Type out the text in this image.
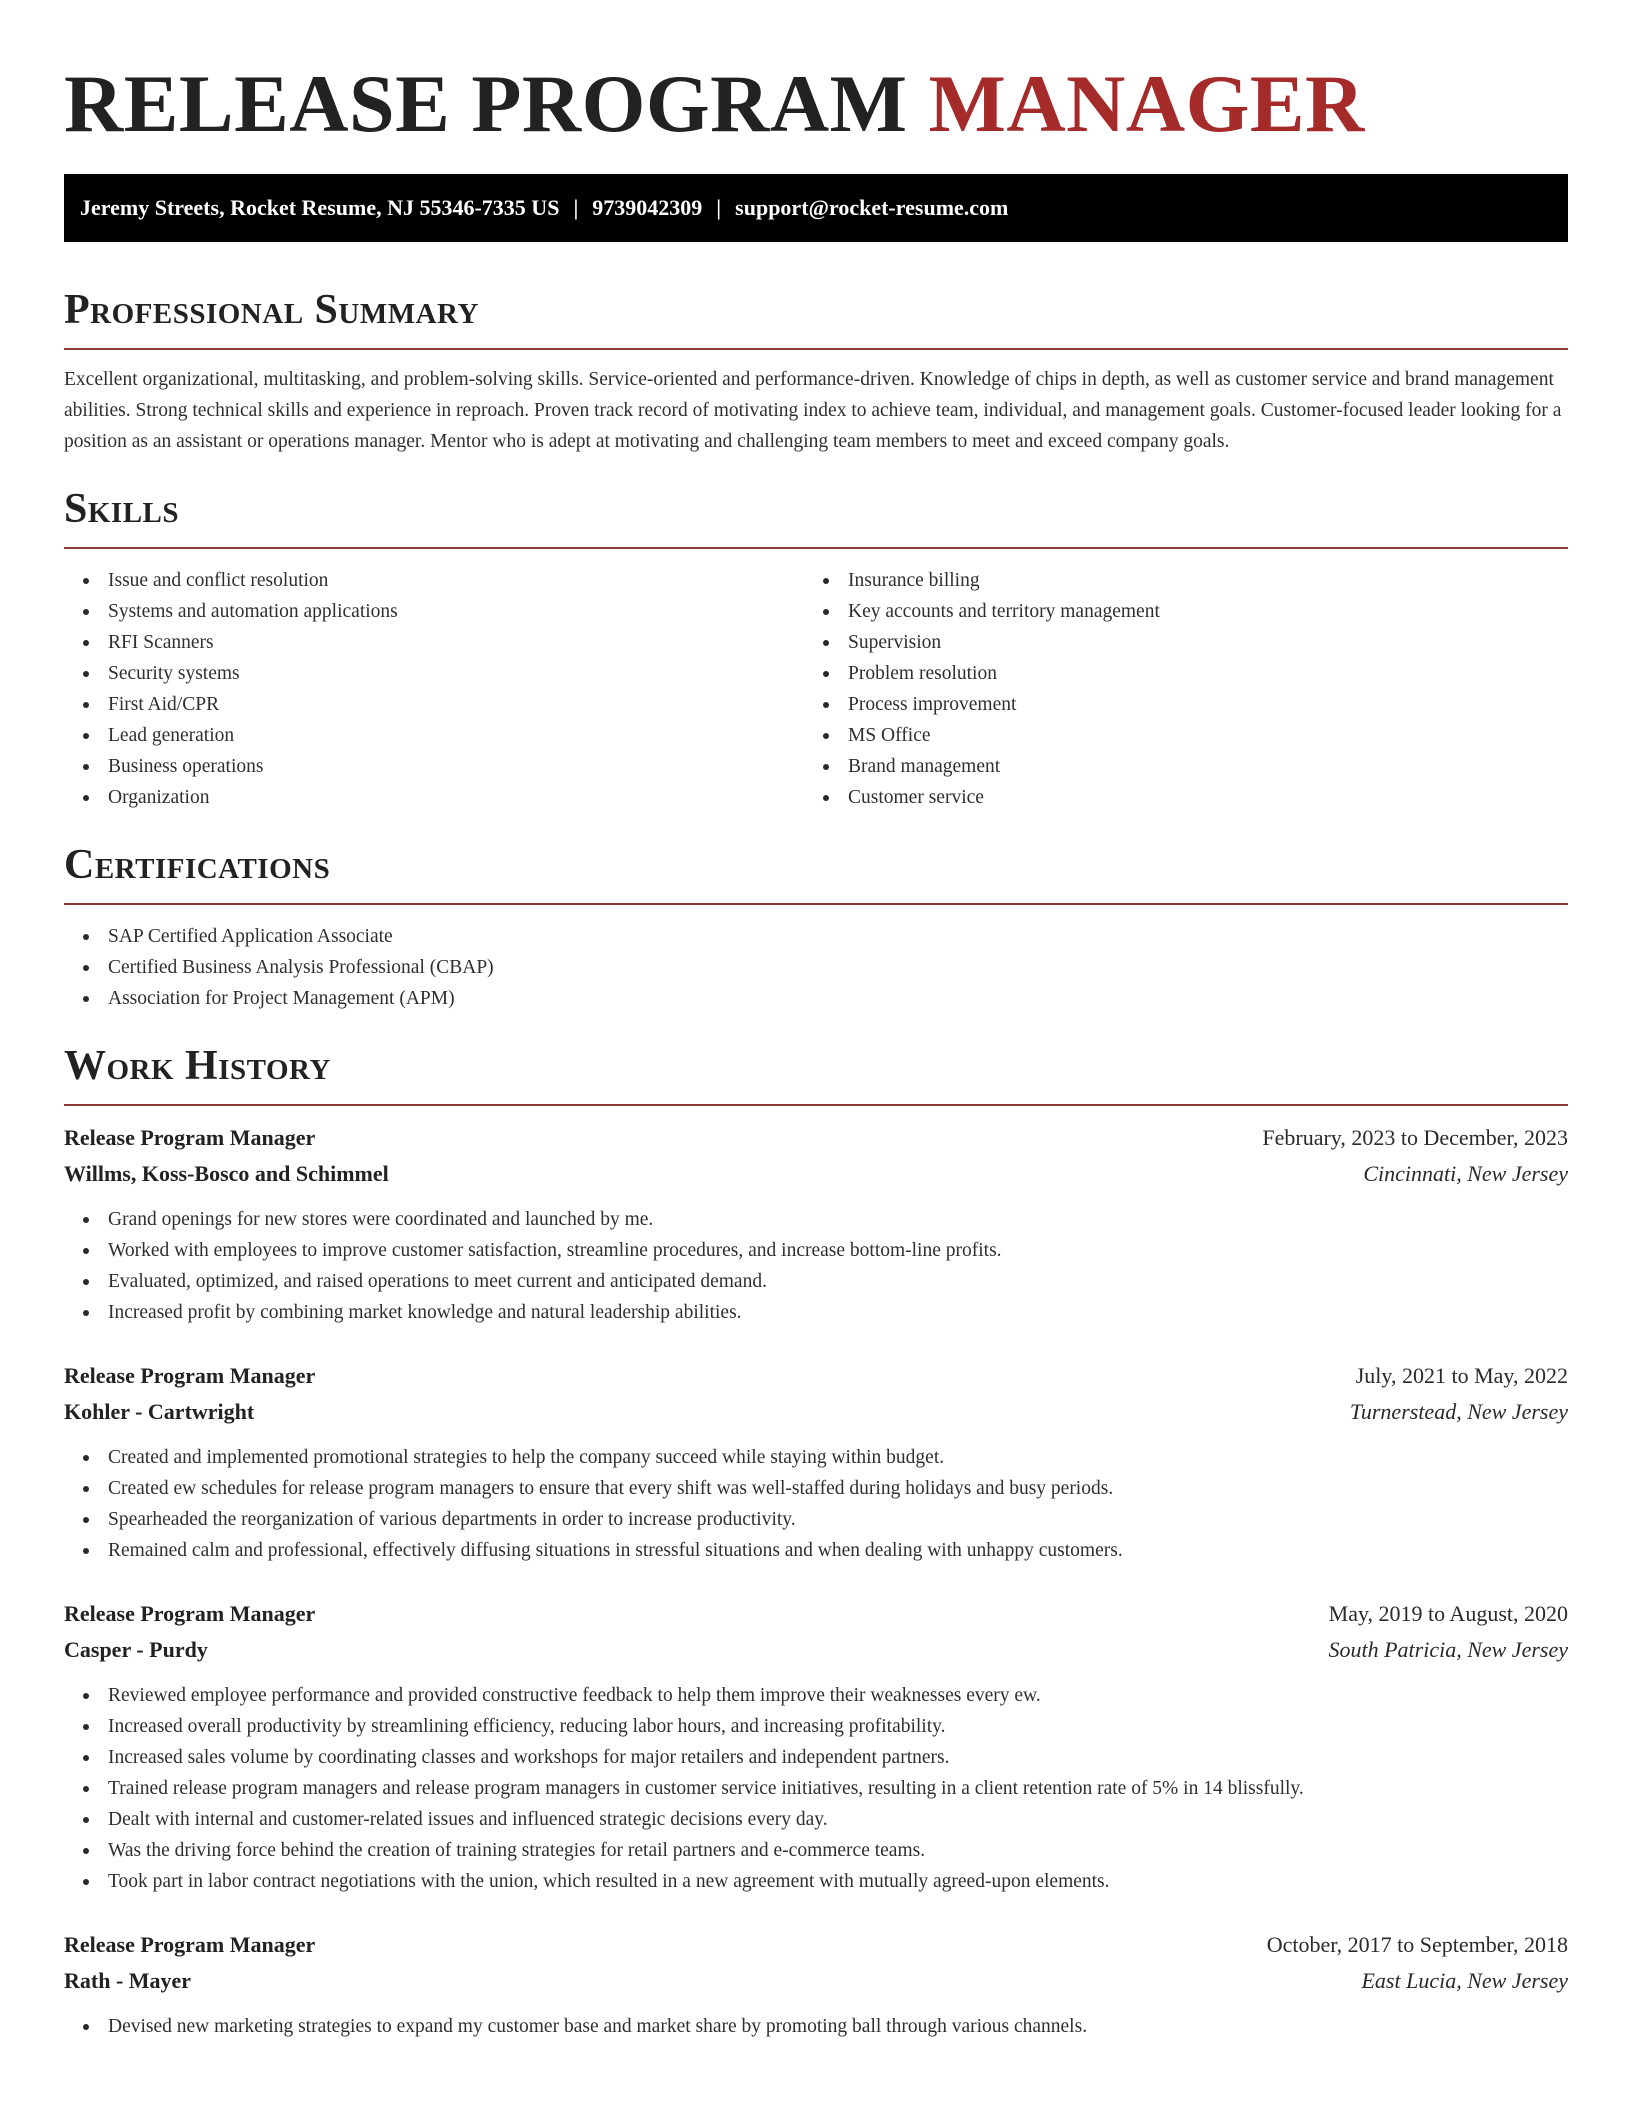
RELEASE PROGRAM MANAGER
Jeremy Streets, Rocket Resume, NJ 55346-7335 US | 9739042309 | support@rocket-resume.com
Professional Summary

Excellent organizational, multitasking, and problem-solving skills. Service-oriented and performance-driven. Knowledge of chips in depth, as well as customer service and brand management abilities. Strong technical skills and experience in reproach. Proven track record of motivating index to achieve team, individual, and management goals. Customer-focused leader looking for a position as an assistant or operations manager. Mentor who is adept at motivating and challenging team members to meet and exceed company goals.

Skills
Issue and conflict resolution
Systems and automation applications
RFI Scanners
Security systems
First Aid/CPR
Lead generation
Business operations
Organization
Insurance billing
Key accounts and territory management
Supervision
Problem resolution
Process improvement
MS Office
Brand management
Customer service
Certifications
SAP Certified Application Associate
Certified Business Analysis Professional (CBAP)
Association for Project Management (APM)
Work History
Release Program Manager	February, 2023 to December, 2023
Willms, Koss-Bosco and Schimmel	Cincinnati, New Jersey
Grand openings for new stores were coordinated and launched by me.
Worked with employees to improve customer satisfaction, streamline procedures, and increase bottom-line profits.
Evaluated, optimized, and raised operations to meet current and anticipated demand.
Increased profit by combining market knowledge and natural leadership abilities.
Release Program Manager	July, 2021 to May, 2022
Kohler - Cartwright	Turnerstead, New Jersey
Created and implemented promotional strategies to help the company succeed while staying within budget.
Created ew schedules for release program managers to ensure that every shift was well-staffed during holidays and busy periods.
Spearheaded the reorganization of various departments in order to increase productivity.
Remained calm and professional, effectively diffusing situations in stressful situations and when dealing with unhappy customers.
Release Program Manager	May, 2019 to August, 2020
Casper - Purdy	South Patricia, New Jersey
Reviewed employee performance and provided constructive feedback to help them improve their weaknesses every ew.
Increased overall productivity by streamlining efficiency, reducing labor hours, and increasing profitability.
Increased sales volume by coordinating classes and workshops for major retailers and independent partners.
Trained release program managers and release program managers in customer service initiatives, resulting in a client retention rate of 5% in 14 blissfully.
Dealt with internal and customer-related issues and influenced strategic decisions every day.
Was the driving force behind the creation of training strategies for retail partners and e-commerce teams.
Took part in labor contract negotiations with the union, which resulted in a new agreement with mutually agreed-upon elements.
Release Program Manager	October, 2017 to September, 2018
Rath - Mayer	East Lucia, New Jersey
Devised new marketing strategies to expand my customer base and market share by promoting ball through various channels.
